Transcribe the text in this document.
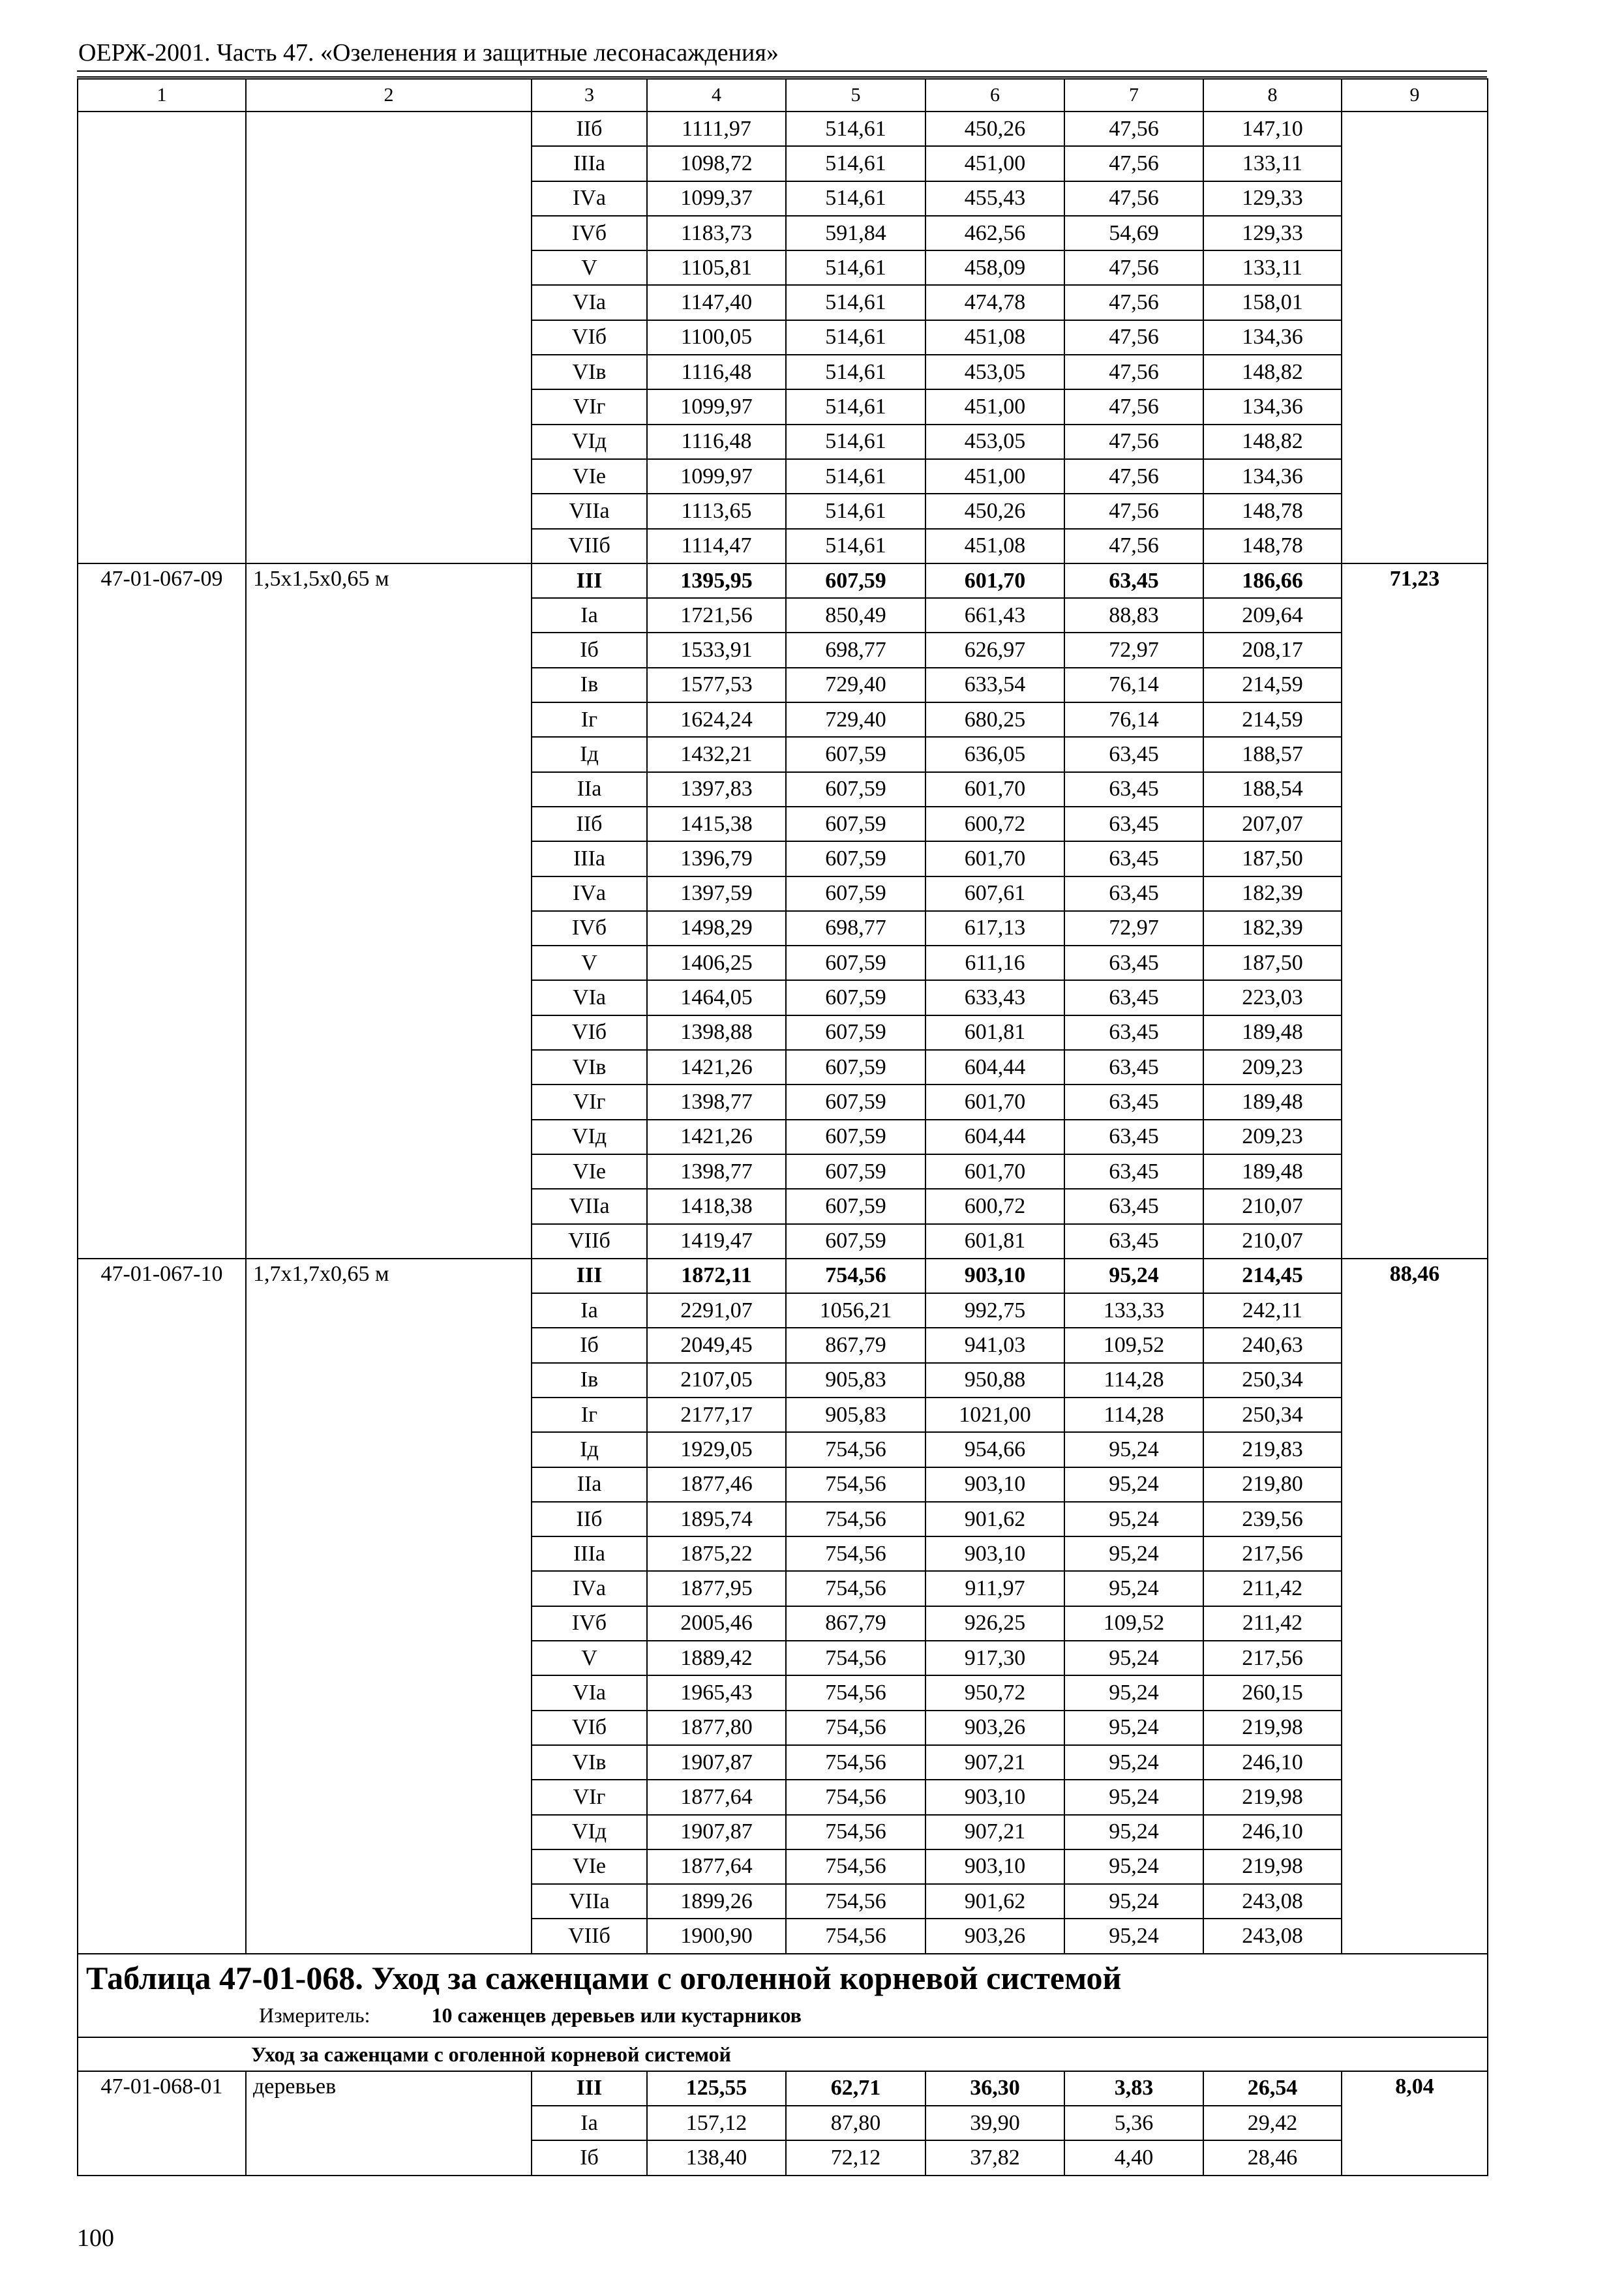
ОЕРЖ-2001. Часть 47. «Озеленения и защитные лесонасаждения»
1	2	3	4	5	6	7	8	9
		IIб	1111,97	514,61	450,26	47,56	147,10	
		IIIа	1098,72	514,61	451,00	47,56	133,11	
		IVа	1099,37	514,61	455,43	47,56	129,33	
		IVб	1183,73	591,84	462,56	54,69	129,33	
		V	1105,81	514,61	458,09	47,56	133,11	
		VIа	1147,40	514,61	474,78	47,56	158,01	
		VIб	1100,05	514,61	451,08	47,56	134,36	
		VIв	1116,48	514,61	453,05	47,56	148,82	
		VIг	1099,97	514,61	451,00	47,56	134,36	
		VIд	1116,48	514,61	453,05	47,56	148,82	
		VIе	1099,97	514,61	451,00	47,56	134,36	
		VIIа	1113,65	514,61	450,26	47,56	148,78	
		VIIб	1114,47	514,61	451,08	47,56	148,78	
47-01-067-09	1,5x1,5x0,65 м	III	1395,95	607,59	601,70	63,45	186,66	71,23
		Iа	1721,56	850,49	661,43	88,83	209,64	
		Iб	1533,91	698,77	626,97	72,97	208,17	
		Iв	1577,53	729,40	633,54	76,14	214,59	
		Iг	1624,24	729,40	680,25	76,14	214,59	
		Iд	1432,21	607,59	636,05	63,45	188,57	
		IIа	1397,83	607,59	601,70	63,45	188,54	
		IIб	1415,38	607,59	600,72	63,45	207,07	
		IIIа	1396,79	607,59	601,70	63,45	187,50	
		IVа	1397,59	607,59	607,61	63,45	182,39	
		IVб	1498,29	698,77	617,13	72,97	182,39	
		V	1406,25	607,59	611,16	63,45	187,50	
		VIа	1464,05	607,59	633,43	63,45	223,03	
		VIб	1398,88	607,59	601,81	63,45	189,48	
		VIв	1421,26	607,59	604,44	63,45	209,23	
		VIг	1398,77	607,59	601,70	63,45	189,48	
		VIд	1421,26	607,59	604,44	63,45	209,23	
		VIе	1398,77	607,59	601,70	63,45	189,48	
		VIIа	1418,38	607,59	600,72	63,45	210,07	
		VIIб	1419,47	607,59	601,81	63,45	210,07	
47-01-067-10	1,7x1,7x0,65 м	III	1872,11	754,56	903,10	95,24	214,45	88,46
		Iа	2291,07	1056,21	992,75	133,33	242,11	
		Iб	2049,45	867,79	941,03	109,52	240,63	
		Iв	2107,05	905,83	950,88	114,28	250,34	
		Iг	2177,17	905,83	1021,00	114,28	250,34	
		Iд	1929,05	754,56	954,66	95,24	219,83	
		IIа	1877,46	754,56	903,10	95,24	219,80	
		IIб	1895,74	754,56	901,62	95,24	239,56	
		IIIа	1875,22	754,56	903,10	95,24	217,56	
		IVа	1877,95	754,56	911,97	95,24	211,42	
		IVб	2005,46	867,79	926,25	109,52	211,42	
		V	1889,42	754,56	917,30	95,24	217,56	
		VIа	1965,43	754,56	950,72	95,24	260,15	
		VIб	1877,80	754,56	903,26	95,24	219,98	
		VIв	1907,87	754,56	907,21	95,24	246,10	
		VIг	1877,64	754,56	903,10	95,24	219,98	
		VIд	1907,87	754,56	907,21	95,24	246,10	
		VIе	1877,64	754,56	903,10	95,24	219,98	
		VIIа	1899,26	754,56	901,62	95,24	243,08	
		VIIб	1900,90	754,56	903,26	95,24	243,08	

Таблица 47-01-068. Уход за саженцами с оголенной корневой системой
Измеритель: 10 саженцев деревьев или кустарников								

Уход за саженцами с оголенной корневой системой								
47-01-068-01	деревьев	III	125,55	62,71	36,30	3,83	26,54	8,04
		Iа	157,12	87,80	39,90	5,36	29,42	
		Iб	138,40	72,12	37,82	4,40	28,46	
100
